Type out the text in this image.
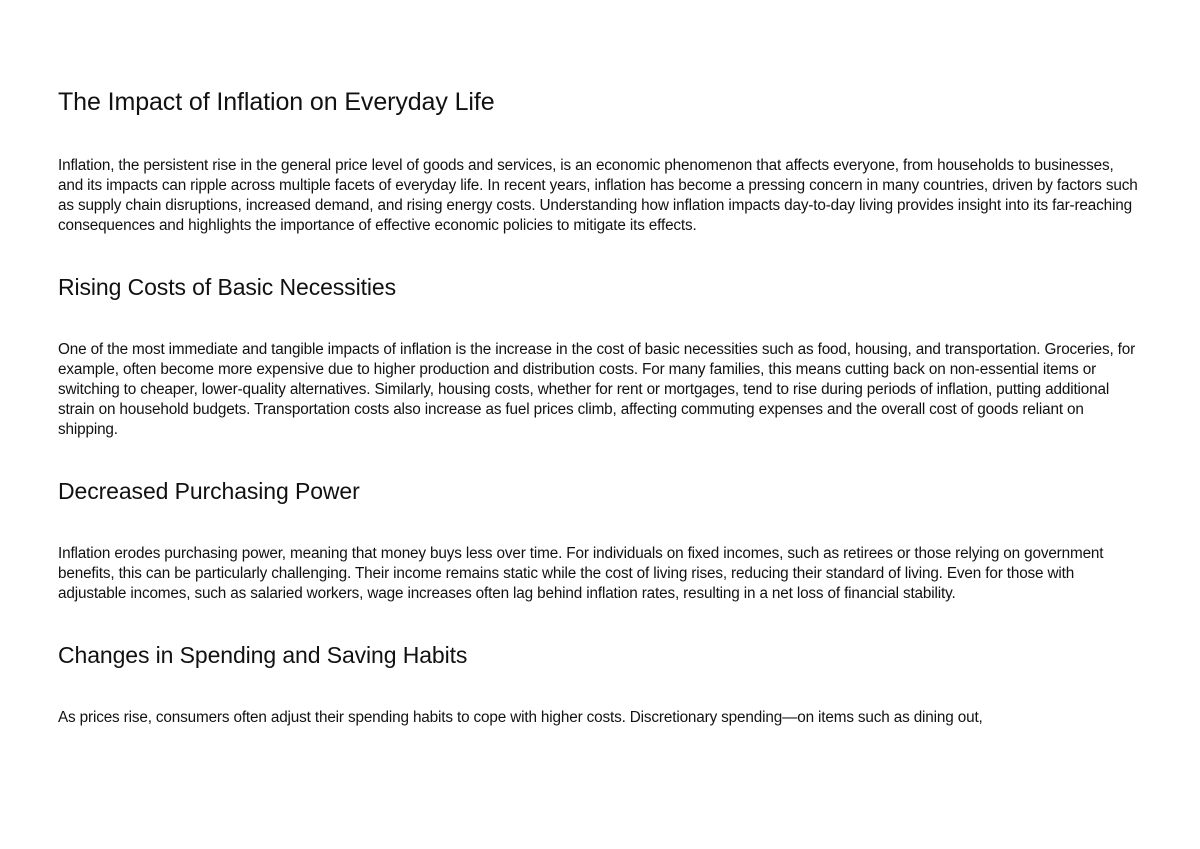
The Impact of Inflation on Everyday Life

Inflation, the persistent rise in the general price level of goods and services, is an economic phenomenon that affects everyone, from households to businesses, and its impacts can ripple across multiple facets of everyday life. In recent years, inflation has become a pressing concern in many countries, driven by factors such as supply chain disruptions, increased demand, and rising energy costs. Understanding how inflation impacts day-to-day living provides insight into its far-reaching consequences and highlights the importance of effective economic policies to mitigate its effects.

Rising Costs of Basic Necessities

One of the most immediate and tangible impacts of inflation is the increase in the cost of basic necessities such as food, housing, and transportation. Groceries, for example, often become more expensive due to higher production and distribution costs. For many families, this means cutting back on non-essential items or switching to cheaper, lower-quality alternatives. Similarly, housing costs, whether for rent or mortgages, tend to rise during periods of inflation, putting additional strain on household budgets. Transportation costs also increase as fuel prices climb, affecting commuting expenses and the overall cost of goods reliant on shipping.

Decreased Purchasing Power

Inflation erodes purchasing power, meaning that money buys less over time. For individuals on fixed incomes, such as retirees or those relying on government benefits, this can be particularly challenging. Their income remains static while the cost of living rises, reducing their standard of living. Even for those with adjustable incomes, such as salaried workers, wage increases often lag behind inflation rates, resulting in a net loss of financial stability.

Changes in Spending and Saving Habits

As prices rise, consumers often adjust their spending habits to cope with higher costs. Discretionary spending—on items such as dining out,
